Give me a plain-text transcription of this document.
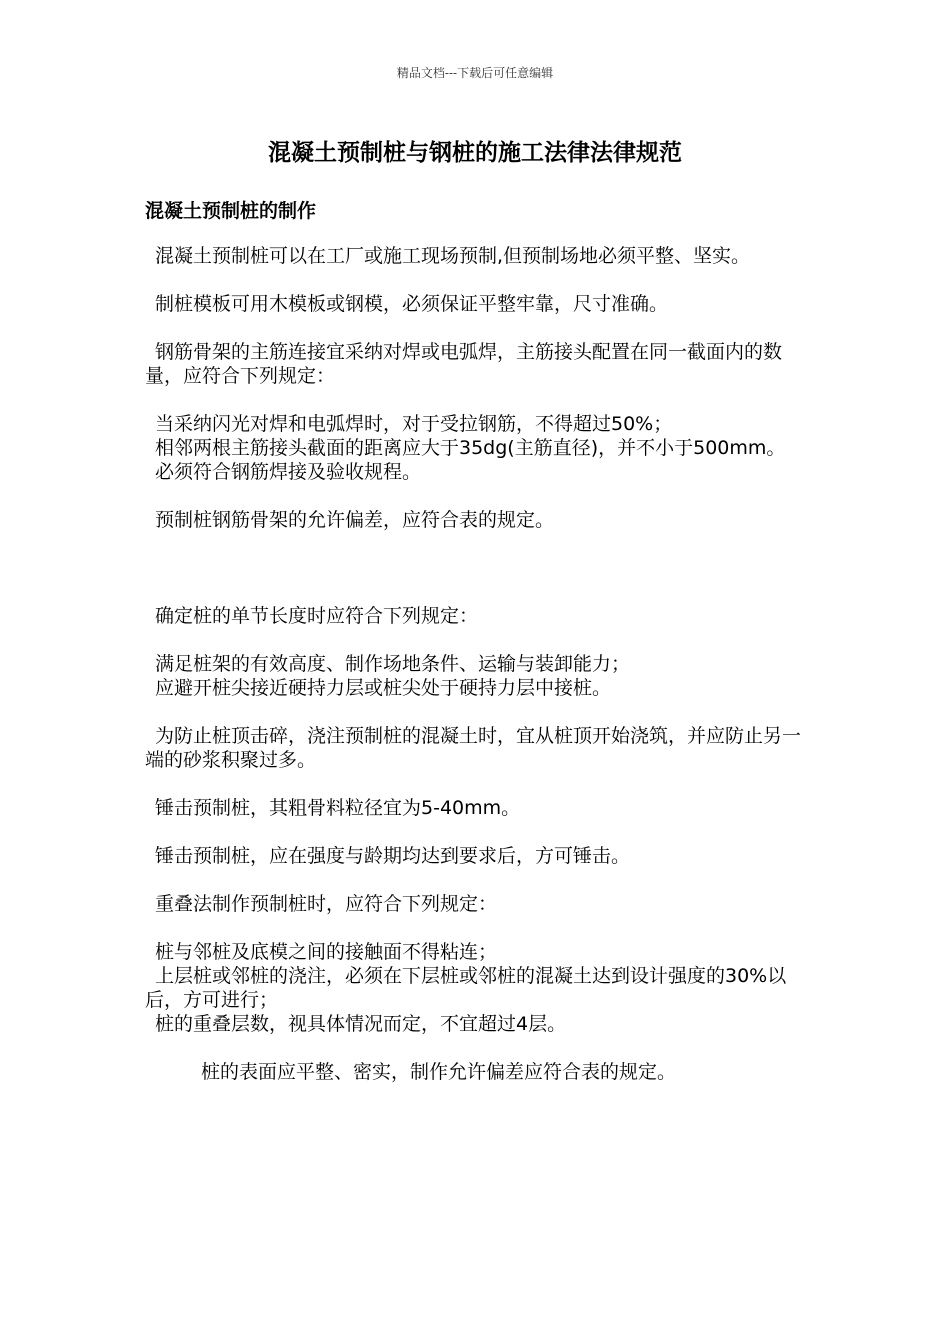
精品文档---下载后可任意编辑
混凝土预制桩与钢桩的施工法律法律规范
混凝土预制桩的制作

混凝土预制桩可以在工厂或施工现场预制,但预制场地必须平整、坚实。

制桩模板可用木模板或钢模，必须保证平整牢靠，尺寸准确。

钢筋骨架的主筋连接宜采纳对焊或电弧焊，主筋接头配置在同一截面内的数量，应符合下列规定：

当采纳闪光对焊和电弧焊时，对于受拉钢筋，不得超过50%；

相邻两根主筋接头截面的距离应大于35dg(主筋直径)，并不小于500mm。

必须符合钢筋焊接及验收规程。

预制桩钢筋骨架的允许偏差，应符合表的规定。

确定桩的单节长度时应符合下列规定：

满足桩架的有效高度、制作场地条件、运输与装卸能力；

应避开桩尖接近硬持力层或桩尖处于硬持力层中接桩。

为防止桩顶击碎，浇注预制桩的混凝土时，宜从桩顶开始浇筑，并应防止另一端的砂浆积聚过多。

锤击预制桩，其粗骨料粒径宜为5-40mm。

锤击预制桩，应在强度与龄期均达到要求后，方可锤击。

重叠法制作预制桩时，应符合下列规定：

桩与邻桩及底模之间的接触面不得粘连；

上层桩或邻桩的浇注，必须在下层桩或邻桩的混凝土达到设计强度的30%以后，方可进行；

桩的重叠层数，视具体情况而定，不宜超过4层。

桩的表面应平整、密实，制作允许偏差应符合表的规定。
